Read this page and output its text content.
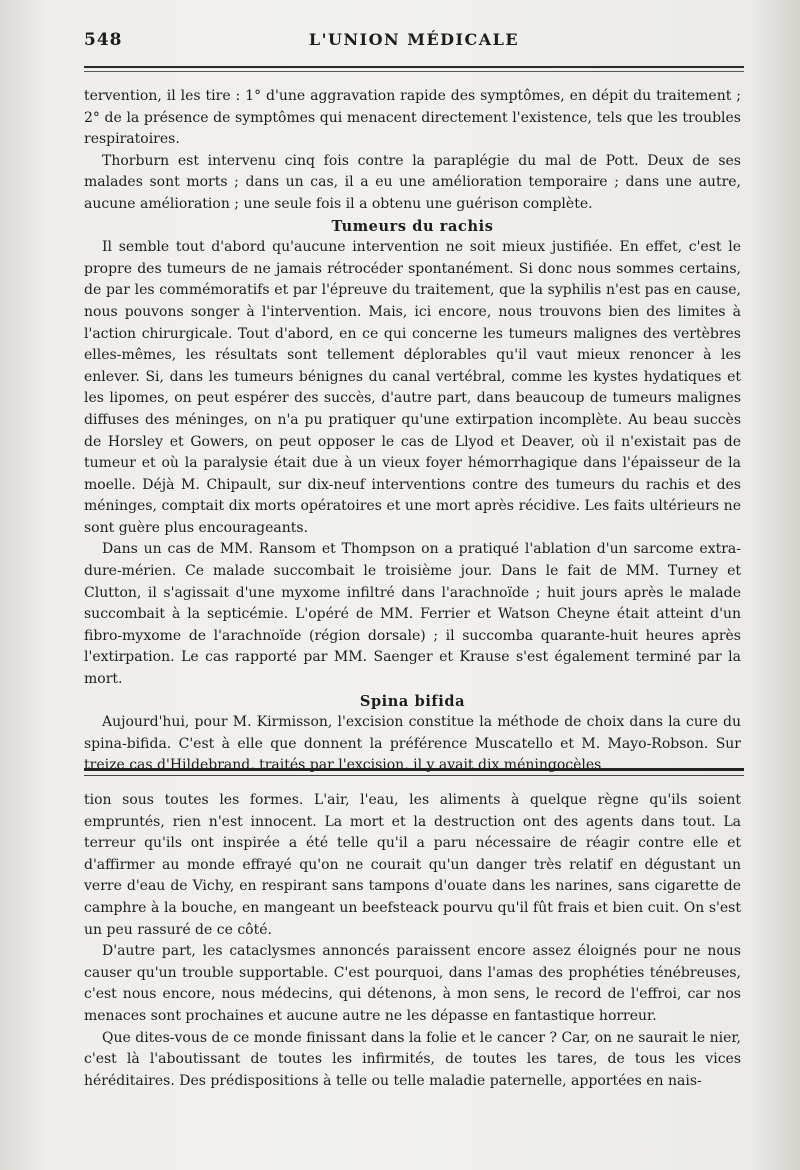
548	L'UNION MÉDICALE

tervention, il les tire : 1° d'une aggravation rapide des symptômes, en dépit du traitement ; 2° de la présence de symptômes qui menacent directement l'existence, tels que les troubles respiratoires.

Thorburn est intervenu cinq fois contre la paraplégie du mal de Pott. Deux de ses malades sont morts ; dans un cas, il a eu une amélioration temporaire ; dans une autre, aucune amélioration ; une seule fois il a obtenu une guérison complète.

Tumeurs du rachis

Il semble tout d'abord qu'aucune intervention ne soit mieux justifiée. En effet, c'est le propre des tumeurs de ne jamais rétrocéder spontanément. Si donc nous sommes certains, de par les commémoratifs et par l'épreuve du traitement, que la syphilis n'est pas en cause, nous pouvons songer à l'intervention. Mais, ici encore, nous trouvons bien des limites à l'action chirurgicale. Tout d'abord, en ce qui concerne les tumeurs malignes des vertèbres elles-mêmes, les résultats sont tellement déplorables qu'il vaut mieux renoncer à les enlever. Si, dans les tumeurs bénignes du canal vertébral, comme les kystes hydatiques et les lipomes, on peut espérer des succès, d'autre part, dans beaucoup de tumeurs malignes diffuses des méninges, on n'a pu pratiquer qu'une extirpation incomplète. Au beau succès de Horsley et Gowers, on peut opposer le cas de Llyod et Deaver, où il n'existait pas de tumeur et où la paralysie était due à un vieux foyer hémorrhagique dans l'épaisseur de la moelle. Déjà M. Chipault, sur dix-neuf interventions contre des tumeurs du rachis et des méninges, comptait dix morts opératoires et une mort après récidive. Les faits ultérieurs ne sont guère plus encourageants.

Dans un cas de MM. Ransom et Thompson on a pratiqué l'ablation d'un sarcome extra-dure-mérien. Ce malade succombait le troisième jour. Dans le fait de MM. Turney et Clutton, il s'agissait d'une myxome infiltré dans l'arachnoïde ; huit jours après le malade succombait à la septicémie. L'opéré de MM. Ferrier et Watson Cheyne était atteint d'un fibro-myxome de l'arachnoïde (région dorsale) ; il succomba quarante-huit heures après l'extirpation. Le cas rapporté par MM. Saenger et Krause s'est également terminé par la mort.

Spina bifida

Aujourd'hui, pour M. Kirmisson, l'excision constitue la méthode de choix dans la cure du spina-bifida. C'est à elle que donnent la préférence Muscatello et M. Mayo-Robson. Sur treize cas d'Hildebrand, traités par l'excision, il y avait dix méningocèles

tion sous toutes les formes. L'air, l'eau, les aliments à quelque règne qu'ils soient empruntés, rien n'est innocent. La mort et la destruction ont des agents dans tout. La terreur qu'ils ont inspirée a été telle qu'il a paru nécessaire de réagir contre elle et d'affirmer au monde effrayé qu'on ne courait qu'un danger très relatif en dégustant un verre d'eau de Vichy, en respirant sans tampons d'ouate dans les narines, sans cigarette de camphre à la bouche, en mangeant un beefsteack pourvu qu'il fût frais et bien cuit. On s'est un peu rassuré de ce côté.

D'autre part, les cataclysmes annoncés paraissent encore assez éloignés pour ne nous causer qu'un trouble supportable. C'est pourquoi, dans l'amas des prophéties ténébreuses, c'est nous encore, nous médecins, qui détenons, à mon sens, le record de l'effroi, car nos menaces sont prochaines et aucune autre ne les dépasse en fantastique horreur.

Que dites-vous de ce monde finissant dans la folie et le cancer ? Car, on ne saurait le nier, c'est là l'aboutissant de toutes les infirmités, de toutes les tares, de tous les vices héréditaires. Des prédispositions à telle ou telle maladie paternelle, apportées en nais-
